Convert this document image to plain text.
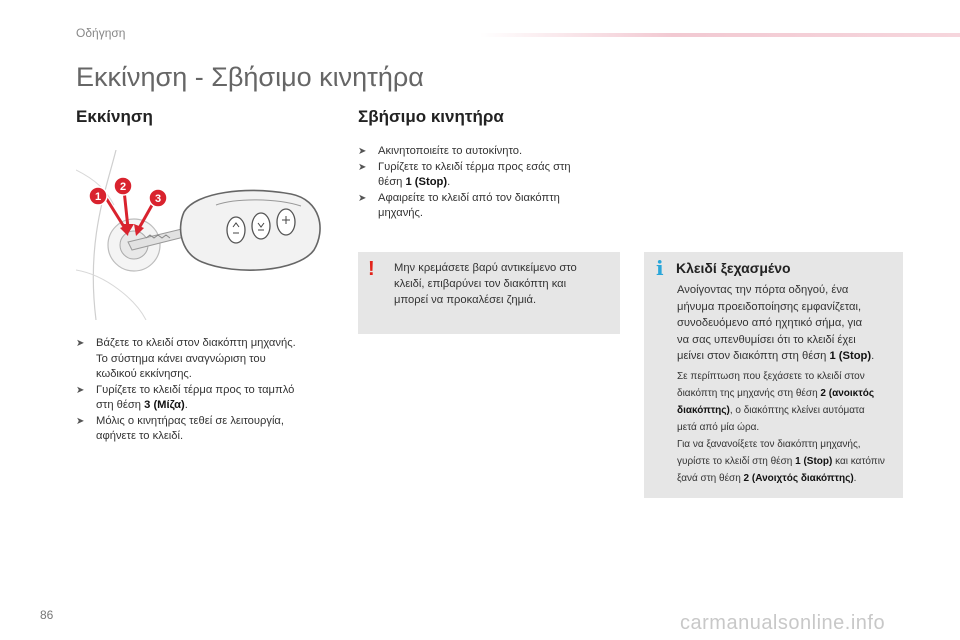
Οδήγηση
Εκκίνηση - Σβήσιμο κινητήρα
Εκκίνηση
1
2
3
➤ Βάζετε το κλειδί στον διακόπτη μηχανής.
Το σύστημα κάνει αναγνώριση του
κωδικού εκκίνησης.
➤ Γυρίζετε το κλειδί τέρμα προς το ταμπλό
στη θέση 3 (Μίζα).
➤ Μόλις ο κινητήρας τεθεί σε λειτουργία,
αφήνετε το κλειδί.
Σβήσιμο κινητήρα
➤ Ακινητοποιείτε το αυτοκίνητο.
➤ Γυρίζετε το κλειδί τέρμα προς εσάς στη
θέση 1 (Stop).
➤ Αφαιρείτε το κλειδί από τον διακόπτη
μηχανής.
! Μην κρεμάσετε βαρύ αντικείμενο στο
κλειδί, επιβαρύνει τον διακόπτη και
μπορεί να προκαλέσει ζημιά.
i Κλειδί ξεχασμένο
Ανοίγοντας την πόρτα οδηγού, ένα
μήνυμα προειδοποίησης εμφανίζεται,
συνοδευόμενο από ηχητικό σήμα, για
να σας υπενθυμίσει ότι το κλειδί έχει
μείνει στον διακόπτη στη θέση 1 (Stop).
Σε περίπτωση που ξεχάσετε το κλειδί στον
διακόπτη της μηχανής στη θέση 2 (ανοικτός
διακόπτης), ο διακόπτης κλείνει αυτόματα
μετά από μία ώρα.
Για να ξανανοίξετε τον διακόπτη μηχανής,
γυρίστε το κλειδί στη θέση 1 (Stop) και κατόπιν
ξανά στη θέση 2 (Ανοιχτός διακόπτης).
86	carmanualsonline.info
